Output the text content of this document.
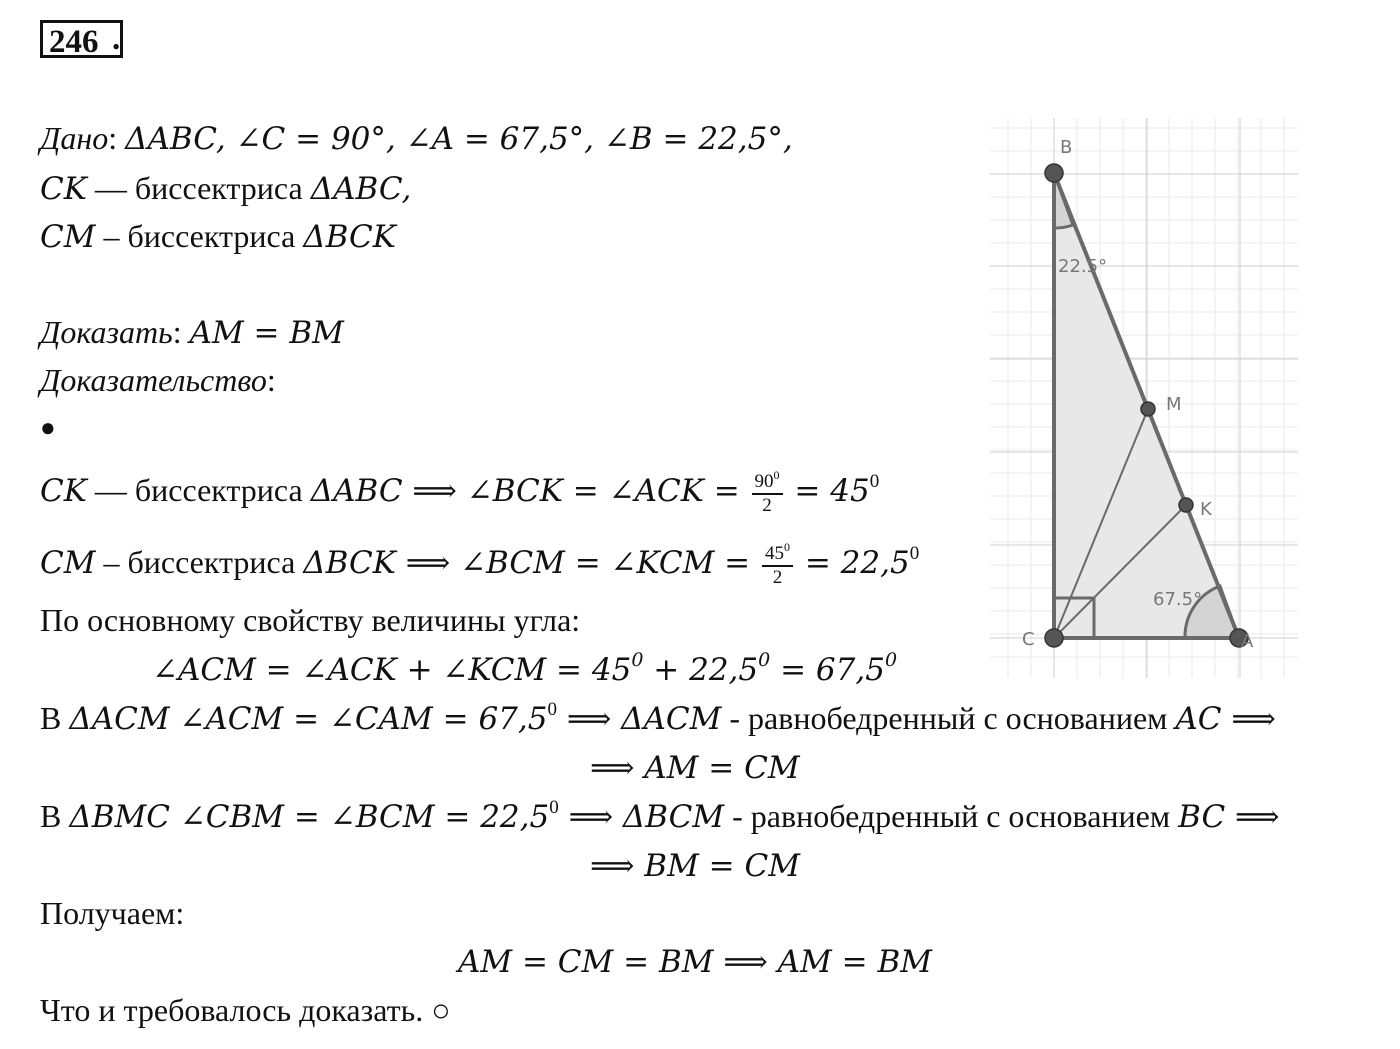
246 .
Дано: ΔABC, ∠C = 90°, ∠A = 67,5°, ∠B = 22,5°,
CK — биссектриса ΔABC,
CM – биссектриса ΔBCK
Доказать: AM = BM
Доказательство:
●
CK — биссектриса ΔABC ⟹ ∠BCK = ∠ACK = $\frac{90^0}{2} = 45^0$
CM – биссектриса ΔBCK ⟹ ∠BCM = ∠KCM = $\frac{45^0}{2} = 22,5^0$
По основному свойству величины угла:
∠ACM = ∠ACK + ∠KCM = $45^0 + 22,5^0 = 67,5^0$
В ΔACM ∠ACM = ∠CAM = $67,5^0$ ⟹ ΔACM - равнобедренный с основанием AC ⟹
⟹ AM = CM
В ΔBMC ∠CBM = ∠BCM = $22,5^0$ ⟹ ΔBCM - равнобедренный с основанием BC ⟹
⟹ BM = CM
Получаем:
AM = CM = BM ⟹ AM = BM
Что и требовалось доказать. ○
B
M
K
C	A
22.5°
67.5°
